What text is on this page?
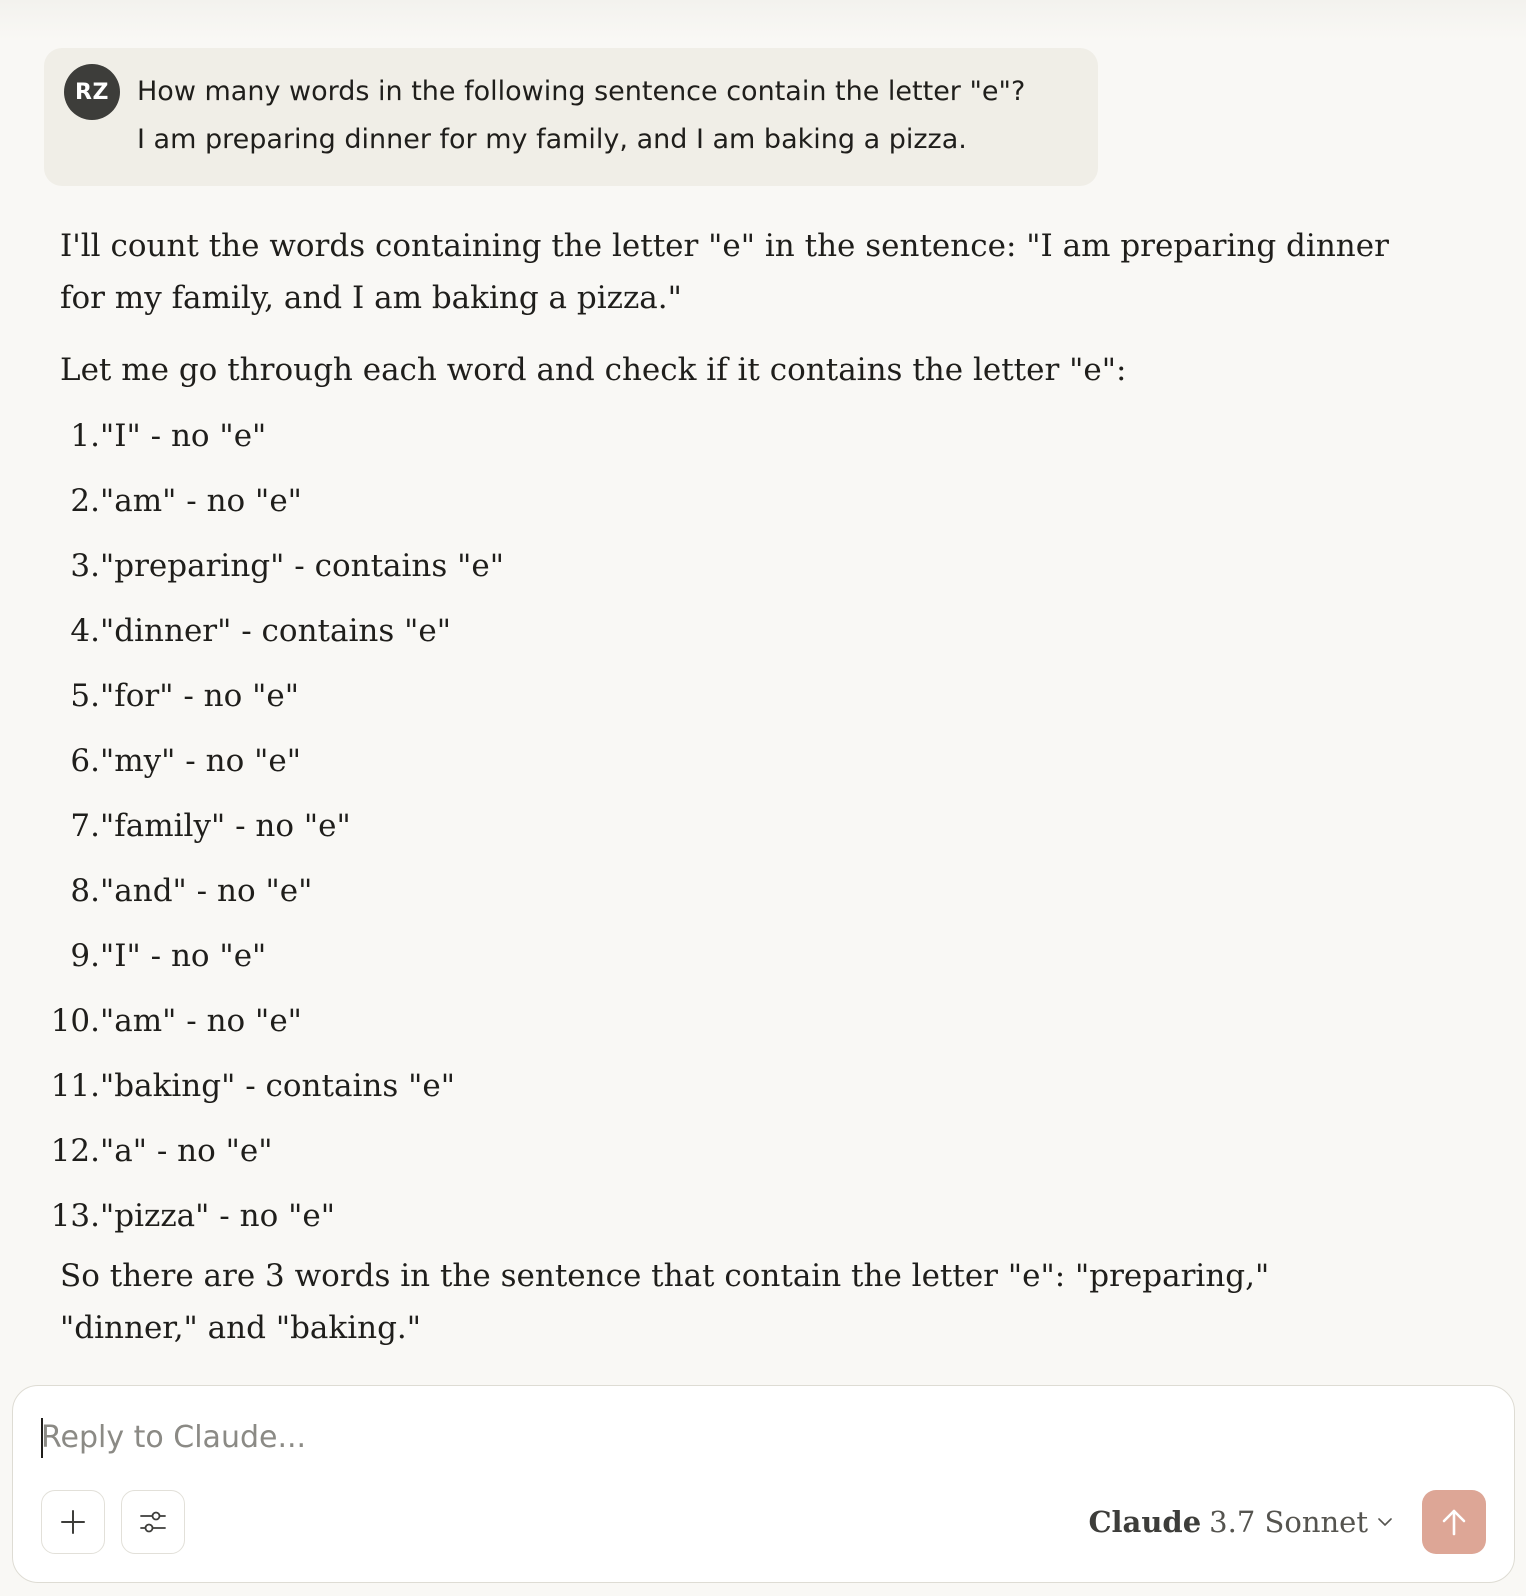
RZ	How many words in the following sentence contain the letter "e"?
I am preparing dinner for my family, and I am baking a pizza.

I'll count the words containing the letter "e" in the sentence: "I am preparing dinner for my family, and I am baking a pizza."

Let me go through each word and check if it contains the letter "e":

1. "I" - no "e"
2. "am" - no "e"
3. "preparing" - contains "e"
4. "dinner" - contains "e"
5. "for" - no "e"
6. "my" - no "e"
7. "family" - no "e"
8. "and" - no "e"
9. "I" - no "e"
10. "am" - no "e"
11. "baking" - contains "e"
12. "a" - no "e"
13. "pizza" - no "e"

So there are 3 words in the sentence that contain the letter "e": "preparing," "dinner," and "baking."

Reply to Claude...
Claude 3.7 Sonnet
